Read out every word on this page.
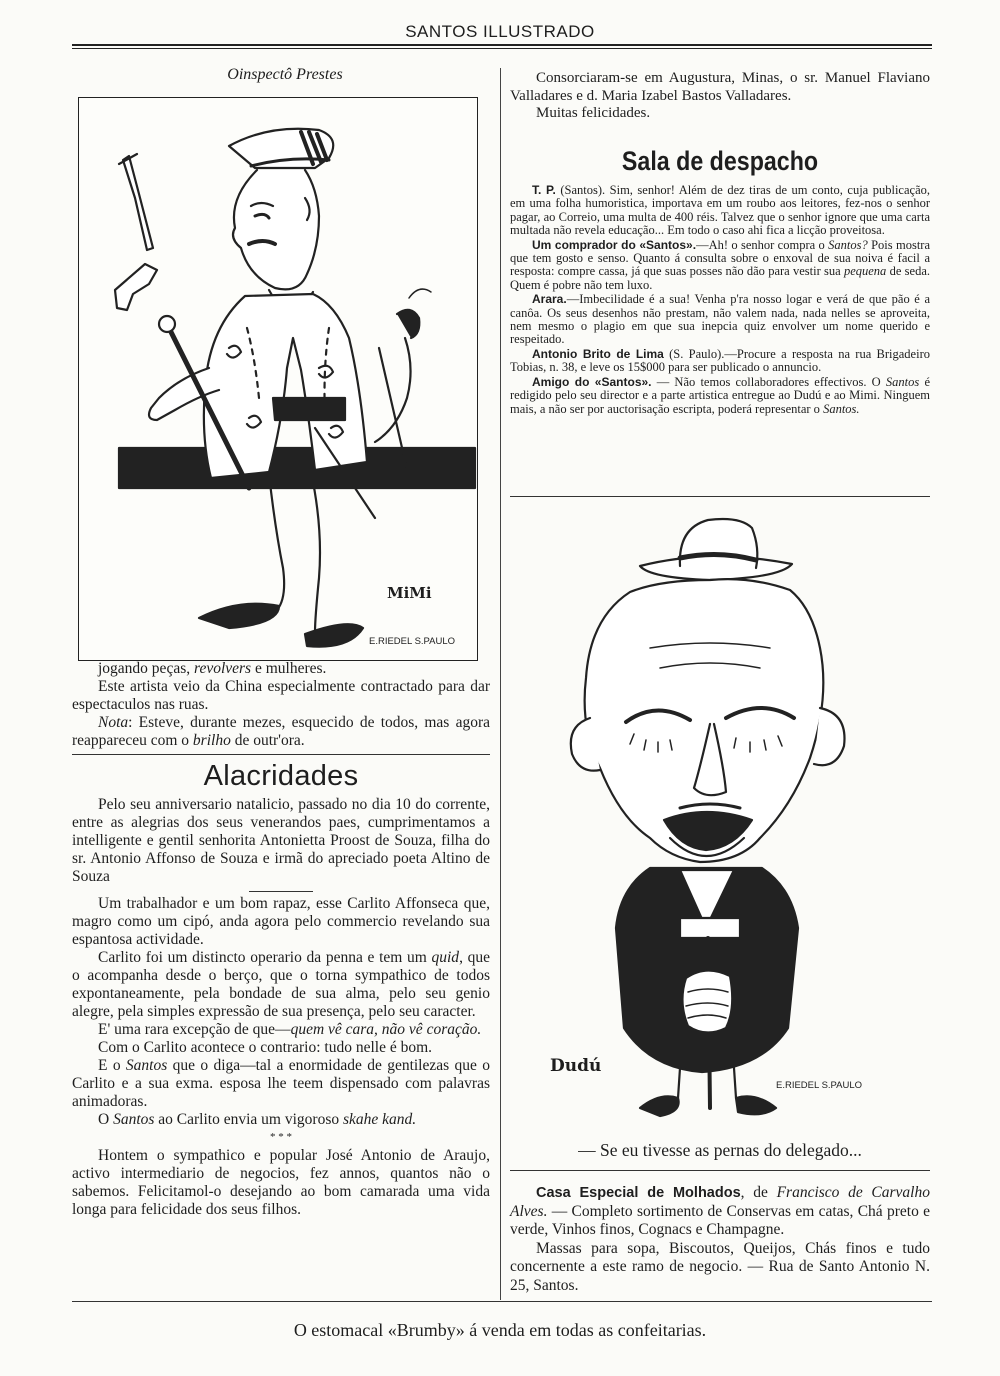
SANTOS ILLUSTRADO
Oinspectô Prestes
MiMi
E.RIEDEL S.PAULO

jogando peças, revolvers e mulheres.

Este artista veio da China especialmente contractado para dar espectaculos nas ruas.

Nota: Esteve, durante mezes, esquecido de todos, mas agora reappareceu com o brilho de outr'ora.

Alacridades

Pelo seu anniversario natalicio, passado no dia 10 do corrente, entre as alegrias dos seus venerandos paes, cumprimentamos a intelligente e gentil senhorita Antonietta Proost de Souza, filha do sr. Antonio Affonso de Souza e irmã do apreciado poeta Altino de Souza

Um trabalhador e um bom rapaz, esse Carlito Affonseca que, magro como um cipó, anda agora pelo commercio revelando sua espantosa actividade.

Carlito foi um distincto operario da penna e tem um quid, que o acompanha desde o berço, que o torna sympathico de todos expontaneamente, pela bondade de sua alma, pelo seu genio alegre, pela simples expressão de sua presença, pelo seu caracter.

E' uma rara excepção de que—quem vê cara, não vê coração.

Com o Carlito acontece o contrario: tudo nelle é bom.

E o Santos que o diga—tal a enormidade de gentilezas que o Carlito e a sua exma. esposa lhe teem dispensado com palavras animadoras.

O Santos ao Carlito envia um vigoroso skahe kand.

* * *

Hontem o sympathico e popular José Antonio de Araujo, activo intermediario de negocios, fez annos, quantos não o sabemos. Felicitamol-o desejando ao bom camarada uma vida longa para felicidade dos seus filhos.

Consorciaram-se em Augustura, Minas, o sr. Manuel Flaviano Valladares e d. Maria Izabel Bastos Valladares.

Muitas felicidades.

Sala de despacho

T. P. (Santos). Sim, senhor! Além de dez tiras de um conto, cuja publicação, em uma folha humoristica, importava em um roubo aos leitores, fez-nos o senhor pagar, ao Correio, uma multa de 400 réis. Talvez que o senhor ignore que uma carta multada não revela educação... Em todo o caso ahi fica a licção proveitosa.

Um comprador do «Santos».—Ah! o senhor compra o Santos? Pois mostra que tem gosto e senso. Quanto á consulta sobre o enxoval de sua noiva é facil a resposta: compre cassa, já que suas posses não dão para vestir sua pequena de seda. Quem é pobre não tem luxo.

Arara.—Imbecilidade é a sua! Venha p'ra nosso logar e verá de que pão é a canôa. Os seus desenhos não prestam, não valem nada, nada nelles se aproveita, nem mesmo o plagio em que sua inepcia quiz envolver um nome querido e respeitado.

Antonio Brito de Lima (S. Paulo).—Procure a resposta na rua Brigadeiro Tobias, n. 38, e leve os 15$000 para ser publicado o annuncio.

Amigo do «Santos». — Não temos collaboradores effectivos. O Santos é redigido pelo seu director e a parte artistica entregue ao Dudú e ao Mimi. Ninguem mais, a não ser por auctorisação escripta, poderá representar o Santos.

Dudú
E.RIEDEL S.PAULO
— Se eu tivesse as pernas do delegado...

Casa Especial de Molhados, de Francisco de Carvalho Alves. — Completo sortimento de Conservas em catas, Chá preto e verde, Vinhos finos, Cognacs e Champagne.

Massas para sopa, Biscoutos, Queijos, Chás finos e tudo concernente a este ramo de negocio. — Rua de Santo Antonio N. 25, Santos.

O estomacal «Brumby» á venda em todas as confeitarias.
